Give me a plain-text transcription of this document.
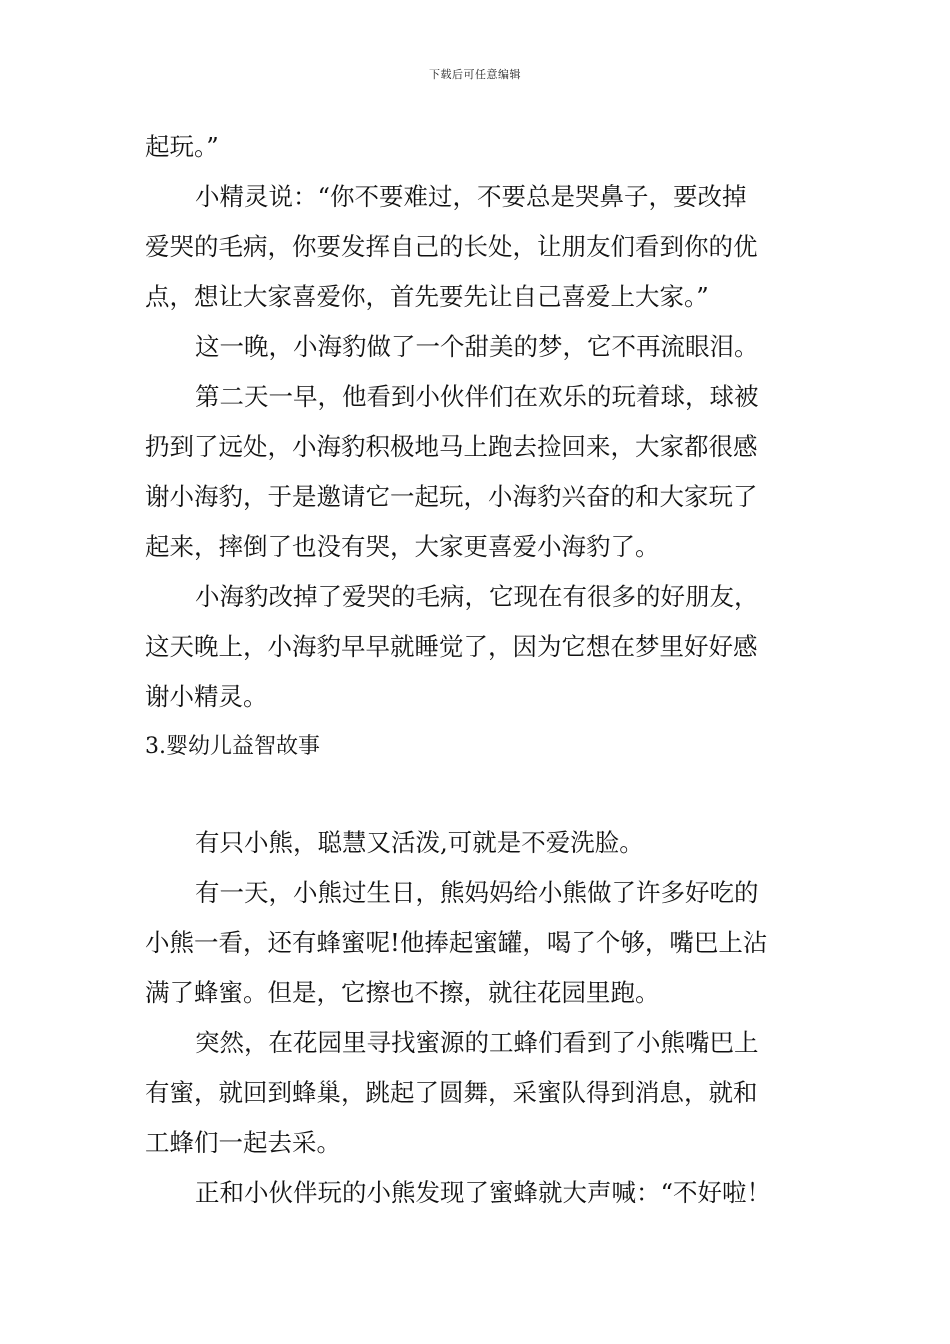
下载后可任意编辑
起玩。”
小精灵说：“你不要难过，不要总是哭鼻子，要改掉
爱哭的毛病，你要发挥自己的长处，让朋友们看到你的优
点，想让大家喜爱你，首先要先让自己喜爱上大家。”
这一晚，小海豹做了一个甜美的梦，它不再流眼泪。
第二天一早，他看到小伙伴们在欢乐的玩着球，球被
扔到了远处，小海豹积极地马上跑去捡回来，大家都很感
谢小海豹，于是邀请它一起玩，小海豹兴奋的和大家玩了
起来，摔倒了也没有哭，大家更喜爱小海豹了。
小海豹改掉了爱哭的毛病，它现在有很多的好朋友，
这天晚上，小海豹早早就睡觉了，因为它想在梦里好好感
谢小精灵。
3.婴幼儿益智故事
有只小熊，聪慧又活泼,可就是不爱洗脸。
有一天，小熊过生日，熊妈妈给小熊做了许多好吃的
小熊一看，还有蜂蜜呢!他捧起蜜罐，喝了个够，嘴巴上沾
满了蜂蜜。但是，它擦也不擦，就往花园里跑。
突然，在花园里寻找蜜源的工蜂们看到了小熊嘴巴上
有蜜，就回到蜂巢，跳起了圆舞，采蜜队得到消息，就和
工蜂们一起去采。
正和小伙伴玩的小熊发现了蜜蜂就大声喊：“不好啦！
